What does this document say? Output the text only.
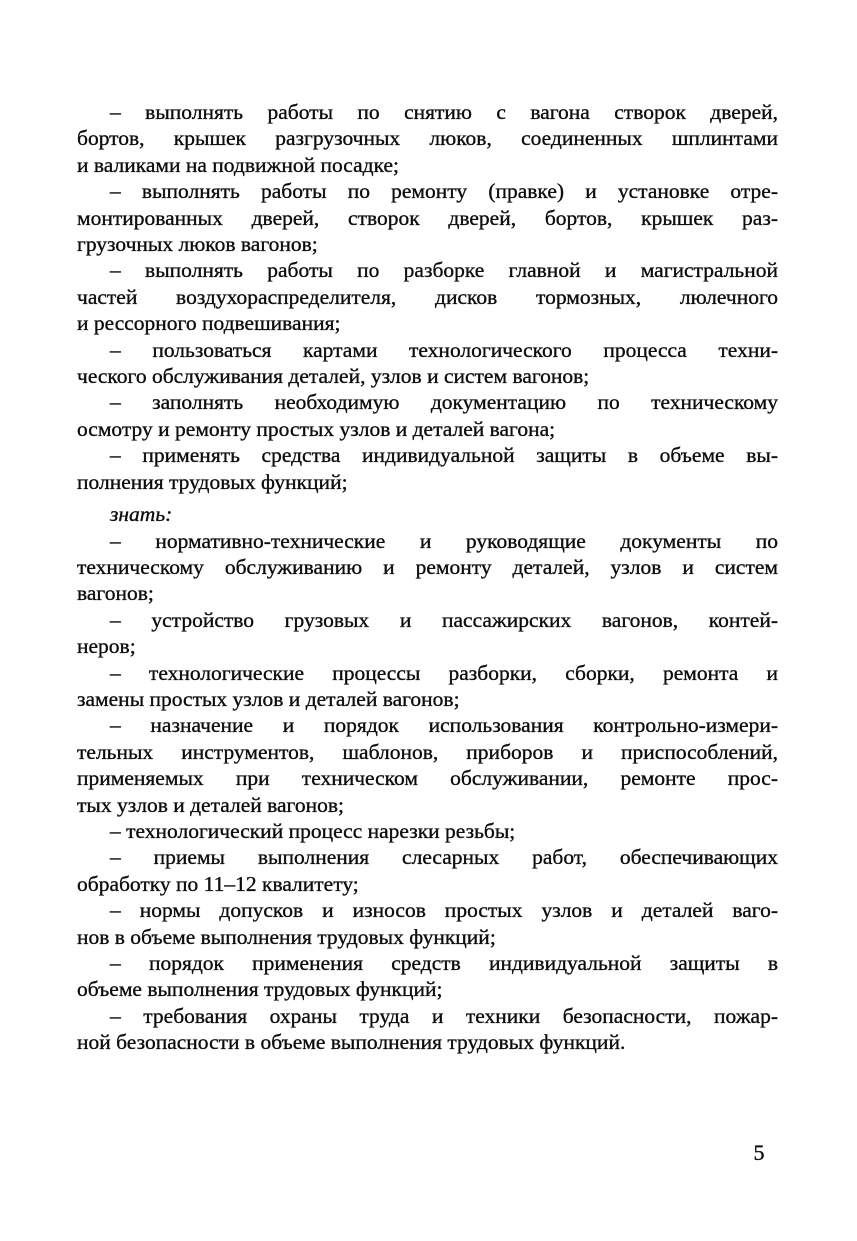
– выполнять работы по снятию с вагона створок дверей,
бортов, крышек разгрузочных люков, соединенных шплинтами
и валиками на подвижной посадке;

– выполнять работы по ремонту (правке) и установке отре-
монтированных дверей, створок дверей, бортов, крышек раз-
грузочных люков вагонов;

– выполнять работы по разборке главной и магистральной
частей воздухораспределителя, дисков тормозных, люлечного
и рессорного подвешивания;

– пользоваться картами технологического процесса техни-
ческого обслуживания деталей, узлов и систем вагонов;

– заполнять необходимую документацию по техническому
осмотру и ремонту простых узлов и деталей вагона;

– применять средства индивидуальной защиты в объеме вы-
полнения трудовых функций;

знать:

– нормативно-технические и руководящие документы по
техническому обслуживанию и ремонту деталей, узлов и систем
вагонов;

– устройство грузовых и пассажирских вагонов, контей-
неров;

– технологические процессы разборки, сборки, ремонта и
замены простых узлов и деталей вагонов;

– назначение и порядок использования контрольно-измери-
тельных инструментов, шаблонов, приборов и приспособлений,
применяемых при техническом обслуживании, ремонте прос-
тых узлов и деталей вагонов;

– технологический процесс нарезки резьбы;

– приемы выполнения слесарных работ, обеспечивающих
обработку по 11–12 квалитету;

– нормы допусков и износов простых узлов и деталей ваго-
нов в объеме выполнения трудовых функций;

– порядок применения средств индивидуальной защиты в
объеме выполнения трудовых функций;

– требования охраны труда и техники безопасности, пожар-
ной безопасности в объеме выполнения трудовых функций.

5
